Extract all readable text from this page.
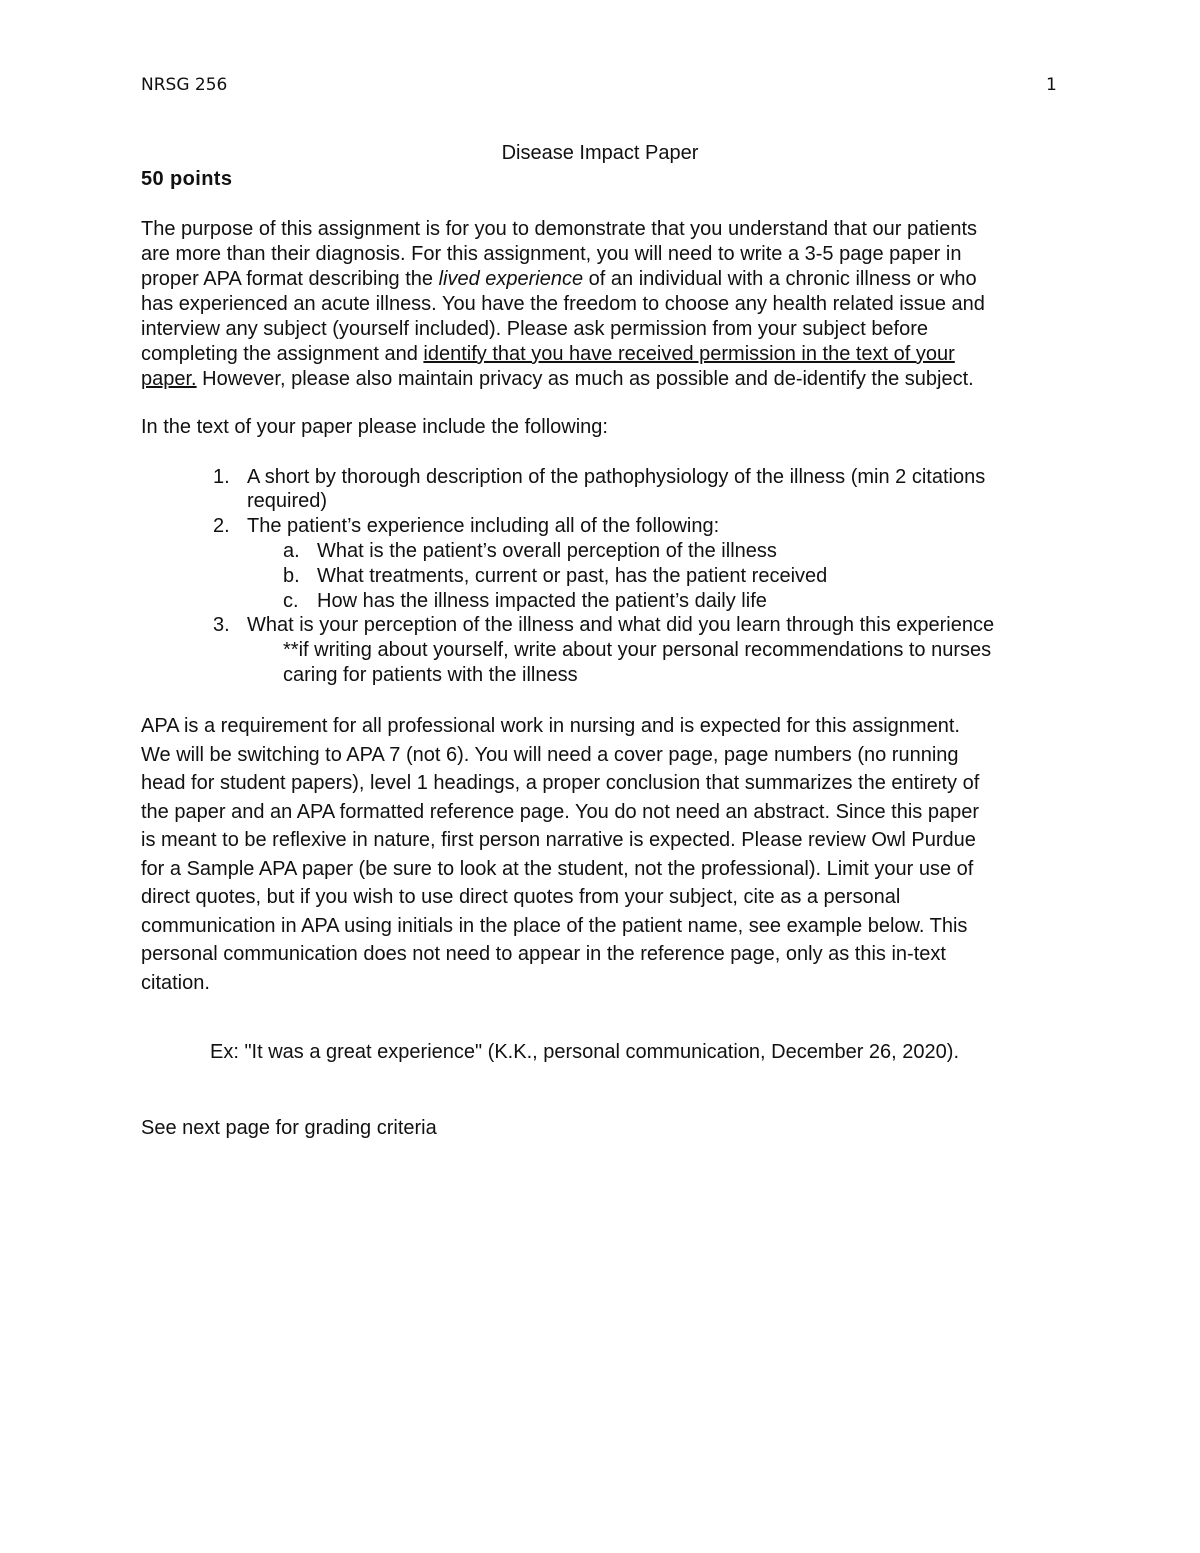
NRSG 256	1
Disease Impact Paper
50 points
The purpose of this assignment is for you to demonstrate that you understand that our patients
are more than their diagnosis. For this assignment, you will need to write a 3-5 page paper in
proper APA format describing the lived experience of an individual with a chronic illness or who
has experienced an acute illness. You have the freedom to choose any health related issue and
interview any subject (yourself included). Please ask permission from your subject before
completing the assignment and identify that you have received permission in the text of your
paper. However, please also maintain privacy as much as possible and de-identify the subject.
In the text of your paper please include the following:
1. A short by thorough description of the pathophysiology of the illness (min 2 citations
required)
2. The patient’s experience including all of the following:
a. What is the patient’s overall perception of the illness
b. What treatments, current or past, has the patient received
c. How has the illness impacted the patient’s daily life
3. What is your perception of the illness and what did you learn through this experience
**if writing about yourself, write about your personal recommendations to nurses
caring for patients with the illness
APA is a requirement for all professional work in nursing and is expected for this assignment.
We will be switching to APA 7 (not 6). You will need a cover page, page numbers (no running
head for student papers), level 1 headings, a proper conclusion that summarizes the entirety of
the paper and an APA formatted reference page. You do not need an abstract. Since this paper
is meant to be reflexive in nature, first person narrative is expected. Please review Owl Purdue
for a Sample APA paper (be sure to look at the student, not the professional). Limit your use of
direct quotes, but if you wish to use direct quotes from your subject, cite as a personal
communication in APA using initials in the place of the patient name, see example below. This
personal communication does not need to appear in the reference page, only as this in-text
citation.
Ex: "It was a great experience" (K.K., personal communication, December 26, 2020).
See next page for grading criteria
